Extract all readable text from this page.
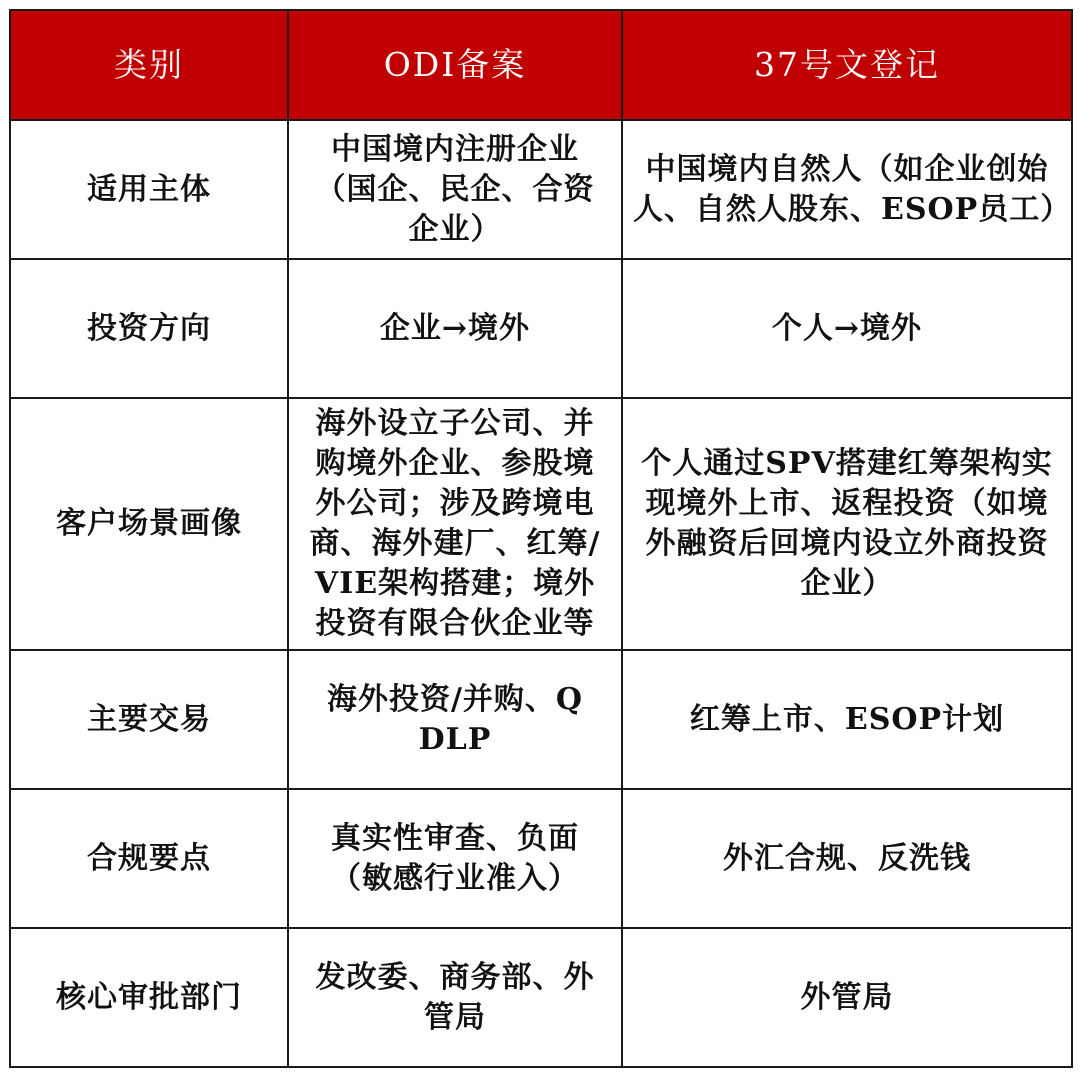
类别	ODI备案	37号文登记
适用主体	中国境内注册企业（国企、民企、合资企业）	中国境内自然人（如企业创始人、自然人股东、ESOP员工）
投资方向	企业→境外	个人→境外
客户场景画像	海外设立子公司、并购境外企业、参股境外公司；涉及跨境电商、海外建厂、红筹/VIE架构搭建；境外投资有限合伙企业等	个人通过SPV搭建红筹架构实现境外上市、返程投资（如境外融资后回境内设立外商投资企业）
主要交易	海外投资/并购、QDLP	红筹上市、ESOP计划
合规要点	真实性审查、负面（敏感行业准入）	外汇合规、反洗钱
核心审批部门	发改委、商务部、外管局	外管局
